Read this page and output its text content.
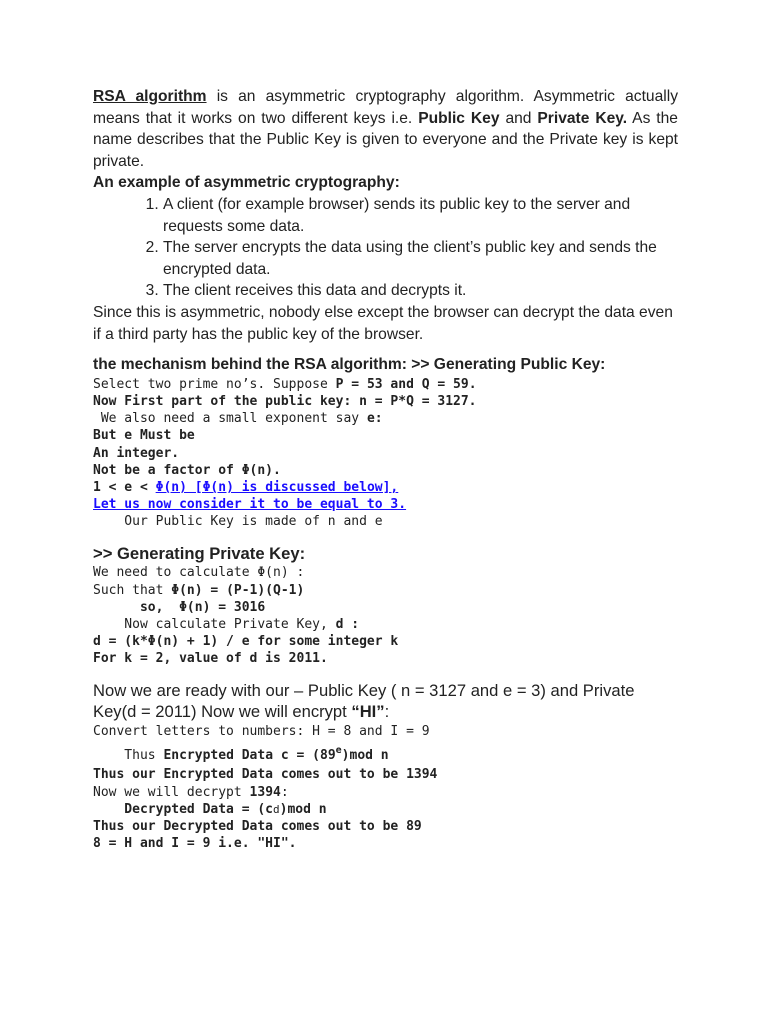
RSA algorithm is an asymmetric cryptography algorithm. Asymmetric actually means that it works on two different keys i.e. Public Key and Private Key. As the name describes that the Public Key is given to everyone and the Private key is kept private.

An example of asymmetric cryptography:

1. A client (for example browser) sends its public key to the server and requests some data.
2. The server encrypts the data using the client’s public key and sends the encrypted data.
3. The client receives this data and decrypts it.

Since this is asymmetric, nobody else except the browser can decrypt the data even if a third party has the public key of the browser.

the mechanism behind the RSA algorithm: >> Generating Public Key:

Select two prime no’s. Suppose P = 53 and Q = 59.
Now First part of the public key: n = P*Q = 3127.
We also need a small exponent say e:
But e Must be
An integer.
Not be a factor of Φ(n).
1 < e < Φ(n) [Φ(n) is discussed below],
Let us now consider it to be equal to 3.
Our Public Key is made of n and e

>> Generating Private Key:

We need to calculate Φ(n) :
Such that Φ(n) = (P-1)(Q-1)
so,  Φ(n) = 3016
Now calculate Private Key, d :
d = (k*Φ(n) + 1) / e for some integer k
For k = 2, value of d is 2011.

Now we are ready with our – Public Key ( n = 3127 and e = 3) and Private Key(d = 2011) Now we will encrypt “HI”:

Convert letters to numbers: H = 8 and I = 9
Thus Encrypted Data $c = (89^e)mod$ n
Thus our Encrypted Data comes out to be 1394
Now we will decrypt 1394:
Decrypted Data = (cd)mod n
Thus our Decrypted Data comes out to be 89
8 = H and I = 9 i.e. "HI".
